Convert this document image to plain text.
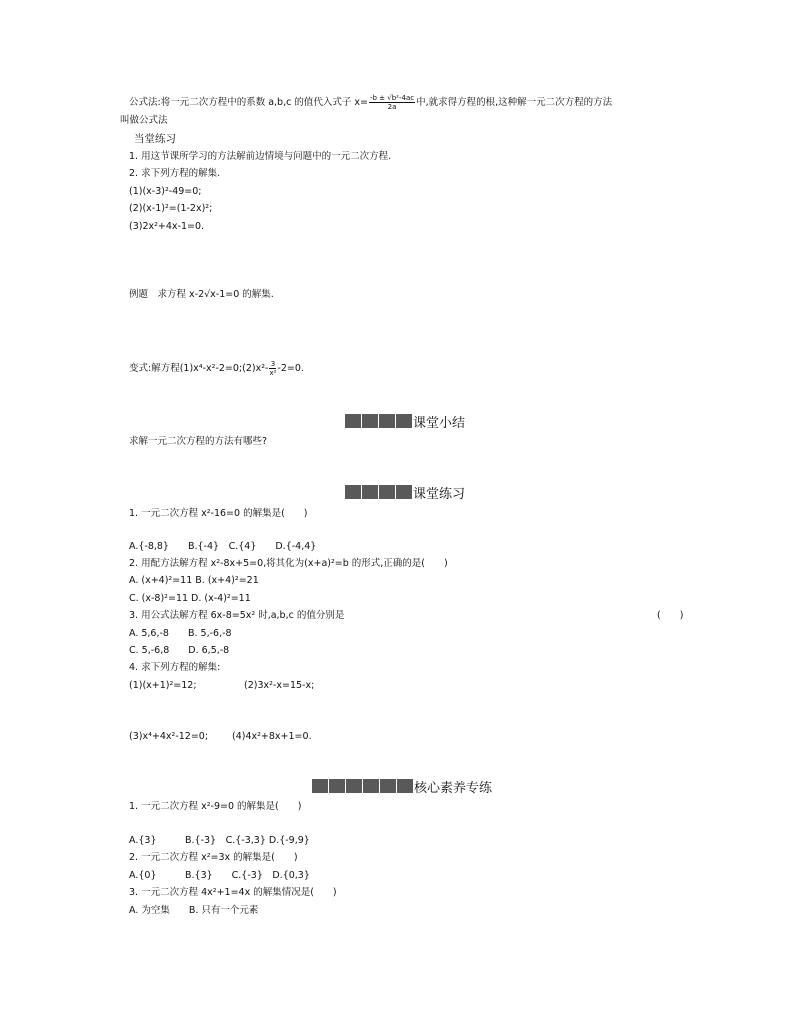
公式法:将一元二次方程中的系数 a,b,c 的值代入式子 $x= \frac{\text{-b ± √b²-4ac}}{2a}$ 中,就求得方程的根,这种解一元二次方程的方法
叫做公式法
当堂练习
1. 用这节课所学习的方法解前边情境与问题中的一元二次方程.
2. 求下列方程的解集.
(1)(x-3)²-49=0;
(2)(x-1)²=(1-2x)²;
(3)2x²+4x-1=0.
例题　求方程 x-2√x-1=0 的解集.
变式:解方程(1)x⁴-x²-2=0;(2)x²- $\frac{3}{\text{x²}} -2=0$.
课堂小结
求解一元二次方程的方法有哪些?
课堂练习
1. 一元二次方程 x²-16=0 的解集是(　　)
A.{-8,8}　　B.{-4}　C.{4}　　D.{-4,4}
2. 用配方法解方程 x²-8x+5=0,将其化为(x+a)²=b 的形式,正确的是(　　)
A. (x+4)²=11 B. (x+4)²=21
C. (x-8)²=11 D. (x-4)²=11
3. 用公式法解方程 6x-8=5x² 时,a,b,c 的值分别是	(　　)
A. 5,6,-8　　B. 5,-6,-8
C. 5,-6,8　　D. 6,5,-8
4. 求下列方程的解集:
(1)(x+1)²=12;	(2)3x²-x=15-x;
(3)x⁴+4x²-12=0;	(4)4x²+8x+1=0.
核心素养专练
1. 一元二次方程 x²-9=0 的解集是(　　)
A.{3}　　　B.{-3}　C.{-3,3} D.{-9,9}
2. 一元二次方程 x²=3x 的解集是(　　)
A.{0}　　　B.{3}　　C.{-3}　D.{0,3}
3. 一元二次方程 4x²+1=4x 的解集情况是(　　)
A. 为空集　　B. 只有一个元素
